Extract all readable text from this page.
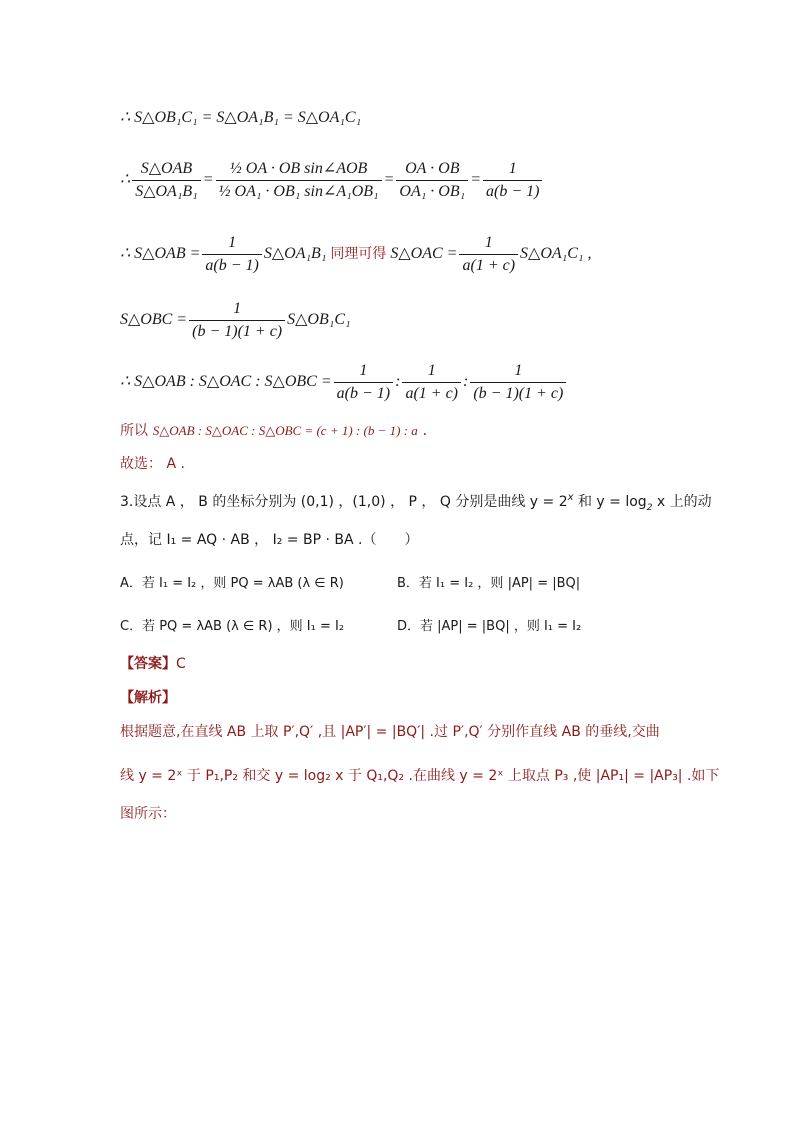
∴ S△OB₁C₁ = S△OA₁B₁ = S△OA₁C₁
∴ $\frac{\text{S△OAB}}{\text{S△OA₁B₁}} = \frac{\text{½ OA · OB sin∠AOB}}{\text{½ OA₁ · OB₁ sin∠A₁OB₁}} = \frac{OA \cdot OB}{\text{OA₁ · OB₁}} = \frac{1}{a(b - 1)}$
∴ S△OAB = $\frac{1}{a(b - 1)}$ S△OA₁B₁ 同理可得 S△OAC = $\frac{1}{a(1 + c)}$ S△OA₁C₁ ,
S△OBC = $\frac{1}{(b - 1)(1 + c)}$ S△OB₁C₁
∴ S△OAB : S△OAC : S△OBC = $\frac{1}{a(b - 1)}$ : $\frac{1}{a(1 + c)}$ : $\frac{1}{(b - 1)(1 + c)}$
所以 S△OAB : S△OAC : S△OBC = (c + 1) : (b − 1) : a .
故选： A .
3.设点 A ， B 的坐标分别为 (0,1) ，(1,0) ， P ， Q 分别是曲线 $y = 2^x$ 和 $y = \log_2 x$ 上的动
点，记 I₁ = AQ · AB ， I₂ = BP · BA .（　　）
A．若 I₁ = I₂ ，则 PQ = λAB (λ ∈ R)	B．若 I₁ = I₂ ，则 |AP| = |BQ|
C．若 PQ = λAB (λ ∈ R) ，则 I₁ = I₂	D．若 |AP| = |BQ| ，则 I₁ = I₂
【答案】C
【解析】
根据题意,在直线 AB 上取 P′,Q′ ,且 |AP′| = |BQ′| .过 P′,Q′ 分别作直线 AB 的垂线,交曲
线 y = 2ˣ 于 P₁,P₂ 和交 y = log₂ x 于 Q₁,Q₂ .在曲线 y = 2ˣ 上取点 P₃ ,使 |AP₁| = |AP₃| .如下
图所示：
